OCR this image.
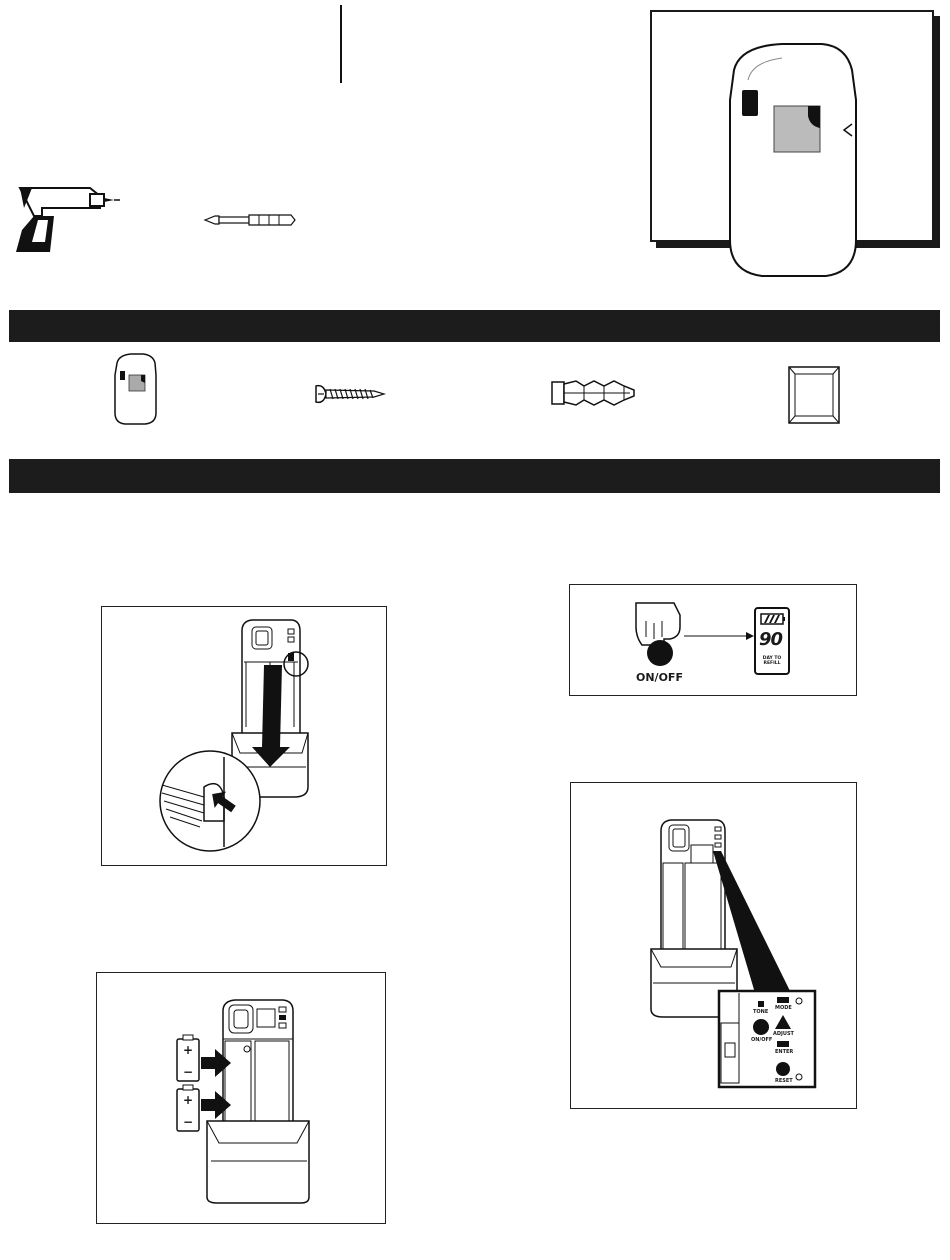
+
−
+
−
ON/OFF
90
DAY TO REFILL
TONE
MODE
ON/OFF
ADJUST
ENTER
RESET
